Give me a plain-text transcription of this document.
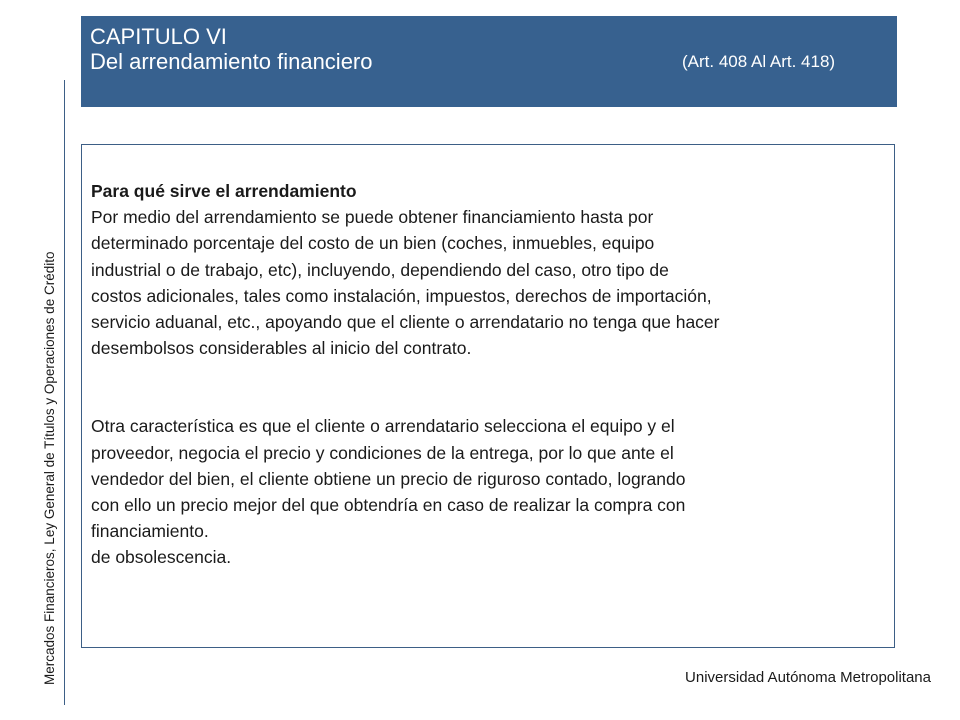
CAPITULO VI
Del arrendamiento financiero	(Art. 408 Al Art. 418)
Mercados Financieros, Ley General de Títulos y Operaciones de Crédito

Para qué sirve el arrendamiento

Por medio del arrendamiento se puede obtener financiamiento hasta por
determinado porcentaje del costo de un bien (coches, inmuebles, equipo
industrial o de trabajo, etc), incluyendo, dependiendo del caso, otro tipo de
costos adicionales, tales como instalación, impuestos, derechos de importación,
servicio aduanal, etc., apoyando que el cliente o arrendatario no tenga que hacer
desembolsos considerables al inicio del contrato.

Otra característica es que el cliente o arrendatario selecciona el equipo y el
proveedor, negocia el precio y condiciones de la entrega, por lo que ante el
vendedor del bien, el cliente obtiene un precio de riguroso contado, logrando
con ello un precio mejor del que obtendría en caso de realizar la compra con
financiamiento.
de obsolescencia.

Universidad Autónoma Metropolitana
